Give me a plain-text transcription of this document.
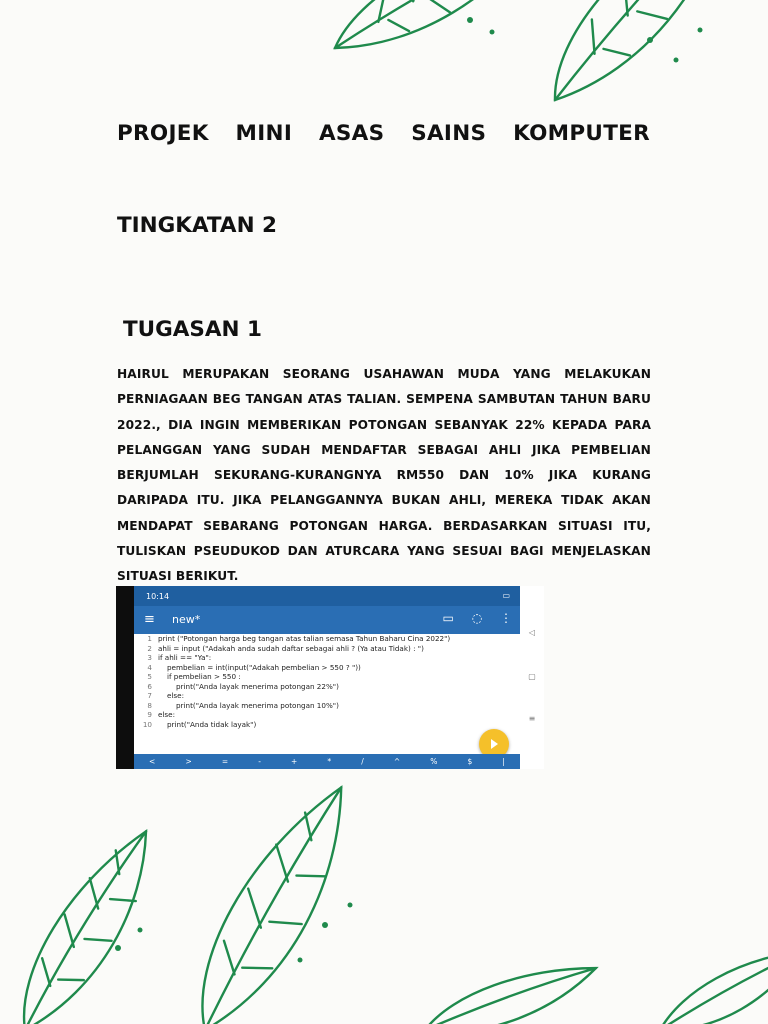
PROJEK MINI ASAS SAINS KOMPUTER
TINGKATAN 2
TUGASAN 1
HAIRUL MERUPAKAN SEORANG USAHAWAN MUDA YANG MELAKUKAN PERNIAGAAN BEG TANGAN ATAS TALIAN. SEMPENA SAMBUTAN TAHUN BARU 2022., DIA INGIN MEMBERIKAN POTONGAN SEBANYAK 22% KEPADA PARA PELANGGAN YANG SUDAH MENDAFTAR SEBAGAI AHLI JIKA PEMBELIAN BERJUMLAH SEKURANG-KURANGNYA RM550 DAN 10% JIKA KURANG DARIPADA ITU. JIKA PELANGGANNYA BUKAN AHLI, MEREKA TIDAK AKAN MENDAPAT SEBARANG POTONGAN HARGA. BERDASARKAN SITUASI ITU, TULISKAN PSEUDUKOD DAN ATURCARA YANG SESUAI BAGI MENJELASKAN SITUASI BERIKUT.
10:14	▭
≡ new*	▭ ◌ ⋮
1 print ("Potongan harga beg tangan atas talian semasa Tahun Baharu Cina 2022")
2 ahli = input ("Adakah anda sudah daftar sebagai ahli ? (Ya atau Tidak) : ")
3 if ahli == "Ya":
4 pembelian = int(input("Adakah pembelian > 550 ? "))
5 if pembelian > 550 :
6	print("Anda layak menerima potongan 22%")
7 else:
8	print("Anda layak menerima potongan 10%")
9 else:
10 print("Anda tidak layak")
<	>	=	-	+	*	/	^	%	$	|
◁
▢
≡
